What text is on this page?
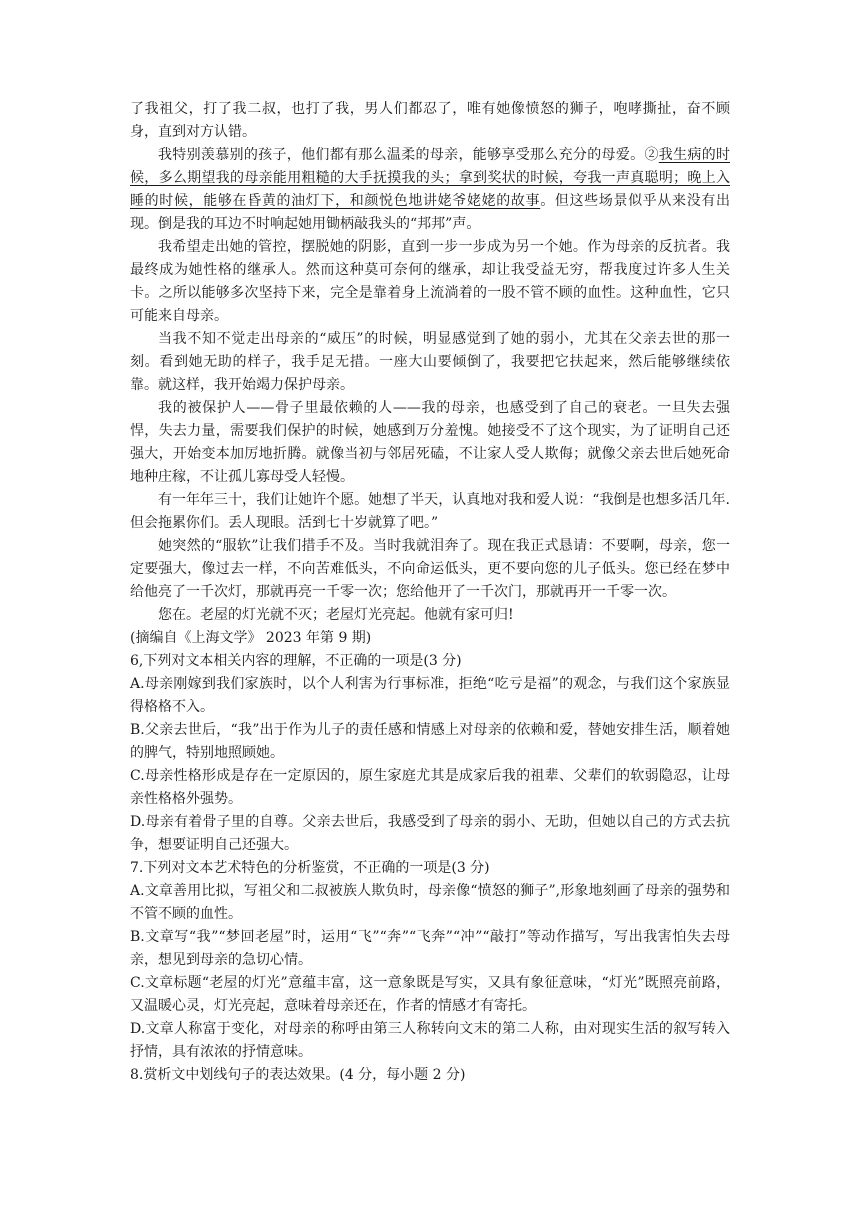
了我祖父，打了我二叔，也打了我，男人们都忍了，唯有她像愤怒的狮子，咆哮撕扯，奋不顾身，直到对方认错。

我特别羡慕别的孩子，他们都有那么温柔的母亲，能够享受那么充分的母爱。②我生病的时候，多么期望我的母亲能用粗糙的大手抚摸我的头；拿到奖状的时候，夸我一声真聪明；晚上入睡的时候，能够在昏黄的油灯下，和颜悦色地讲姥爷姥姥的故事。但这些场景似乎从来没有出现。倒是我的耳边不时响起她用锄柄敲我头的“邦邦”声。

我希望走出她的管控，摆脱她的阴影，直到一步一步成为另一个她。作为母亲的反抗者。我最终成为她性格的继承人。然而这种莫可奈何的继承，却让我受益无穷，帮我度过许多人生关卡。之所以能够多次坚持下来，完全是靠着身上流淌着的一股不管不顾的血性。这种血性，它只可能来自母亲。

当我不知不觉走出母亲的“威压”的时候，明显感觉到了她的弱小，尤其在父亲去世的那一刻。看到她无助的样子，我手足无措。一座大山要倾倒了，我要把它扶起来，然后能够继续依靠。就这样，我开始竭力保护母亲。

我的被保护人——骨子里最依赖的人——我的母亲，也感受到了自己的衰老。一旦失去强悍，失去力量，需要我们保护的时候，她感到万分羞愧。她接受不了这个现实，为了证明自己还强大，开始变本加厉地折腾。就像当初与邻居死磕，不让家人受人欺侮；就像父亲去世后她死命地种庄稼，不让孤儿寡母受人轻慢。

有一年年三十，我们让她许个愿。她想了半天，认真地对我和爱人说：“我倒是也想多活几年.但会拖累你们。丢人现眼。活到七十岁就算了吧。”

她突然的“服软”让我们措手不及。当时我就泪奔了。现在我正式恳请：不要啊，母亲，您一定要强大，像过去一样，不向苦难低头，不向命运低头，更不要向您的儿子低头。您已经在梦中给他亮了一千次灯，那就再亮一千零一次；您给他开了一千次门，那就再开一千零一次。

您在。老屋的灯光就不灭；老屋灯光亮起。他就有家可归!

(摘编自《上海文学》 2023 年第 9 期)

6,下列对文本相关内容的理解，不正确的一项是(3 分)

A.母亲刚嫁到我们家族时，以个人利害为行事标准，拒绝“吃亏是福”的观念，与我们这个家族显得格格不入。

B.父亲去世后，“我”出于作为儿子的责任感和情感上对母亲的依赖和爱，替她安排生活，顺着她的脾气，特别地照顾她。

C.母亲性格形成是存在一定原因的，原生家庭尤其是成家后我的祖辈、父辈们的软弱隐忍，让母亲性格格外强势。

D.母亲有着骨子里的自尊。父亲去世后，我感受到了母亲的弱小、无助，但她以自己的方式去抗争，想要证明自己还强大。

7.下列对文本艺术特色的分析鉴赏，不正确的一项是(3 分)

A.文章善用比拟，写祖父和二叔被族人欺负时，母亲像“愤怒的狮子”,形象地刻画了母亲的强势和不管不顾的血性。

B.文章写“我”“梦回老屋”时，运用“飞”“奔”“飞奔”“冲”“敲打”等动作描写，写出我害怕失去母亲，想见到母亲的急切心情。

C.文章标题“老屋的灯光”意蕴丰富，这一意象既是写实，又具有象征意味，“灯光”既照亮前路，又温暖心灵，灯光亮起，意味着母亲还在，作者的情感才有寄托。

D.文章人称富于变化，对母亲的称呼由第三人称转向文末的第二人称，由对现实生活的叙写转入抒情，具有浓浓的抒情意味。

8.赏析文中划线句子的表达效果。(4 分，每小题 2 分)
